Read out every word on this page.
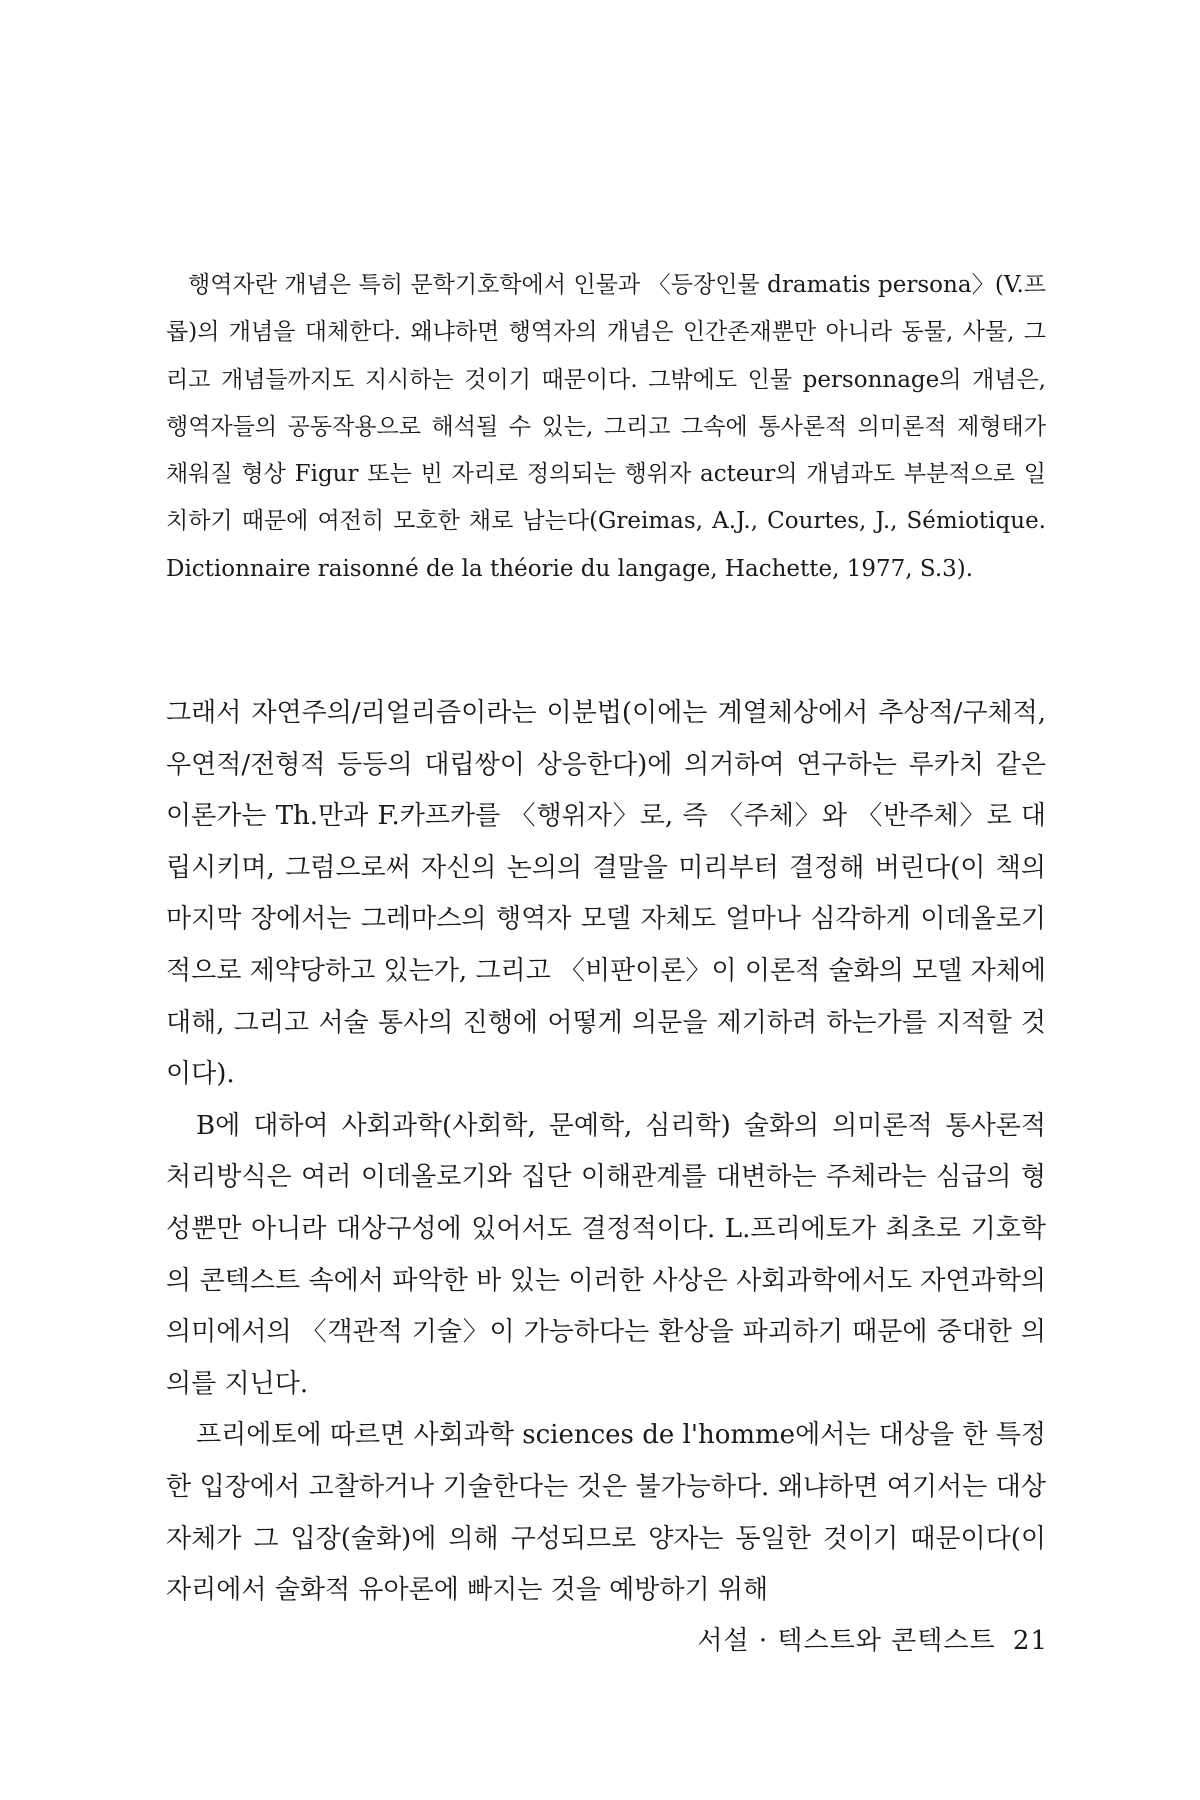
행역자란 개념은 특히 문학기호학에서 인물과 〈등장인물 dramatis persona〉(V.프롭)의 개념을 대체한다. 왜냐하면 행역자의 개념은 인간존재뿐만 아니라 동물, 사물, 그리고 개념들까지도 지시하는 것이기 때문이다. 그밖에도 인물 personnage의 개념은, 행역자들의 공동작용으로 해석될 수 있는, 그리고 그속에 통사론적 의미론적 제형태가 채워질 형상 Figur 또는 빈 자리로 정의되는 행위자 acteur의 개념과도 부분적으로 일치하기 때문에 여전히 모호한 채로 남는다(Greimas, A.J., Courtes, J., Sémiotique. Dictionnaire raisonné de la théorie du langage, Hachette, 1977, S.3).

그래서 자연주의/리얼리즘이라는 이분법(이에는 계열체상에서 추상적/구체적, 우연적/전형적 등등의 대립쌍이 상응한다)에 의거하여 연구하는 루카치 같은 이론가는 Th.만과 F.카프카를 〈행위자〉로, 즉 〈주체〉와 〈반주체〉로 대립시키며, 그럼으로써 자신의 논의의 결말을 미리부터 결정해 버린다(이 책의 마지막 장에서는 그레마스의 행역자 모델 자체도 얼마나 심각하게 이데올로기적으로 제약당하고 있는가, 그리고 〈비판이론〉이 이론적 술화의 모델 자체에 대해, 그리고 서술 통사의 진행에 어떻게 의문을 제기하려 하는가를 지적할 것이다).

B에 대하여 사회과학(사회학, 문예학, 심리학) 술화의 의미론적 통사론적 처리방식은 여러 이데올로기와 집단 이해관계를 대변하는 주체라는 심급의 형성뿐만 아니라 대상구성에 있어서도 결정적이다. L.프리에토가 최초로 기호학의 콘텍스트 속에서 파악한 바 있는 이러한 사상은 사회과학에서도 자연과학의 의미에서의 〈객관적 기술〉이 가능하다는 환상을 파괴하기 때문에 중대한 의의를 지닌다.

프리에토에 따르면 사회과학 sciences de l'homme에서는 대상을 한 특정한 입장에서 고찰하거나 기술한다는 것은 불가능하다. 왜냐하면 여기서는 대상 자체가 그 입장(술화)에 의해 구성되므로 양자는 동일한 것이기 때문이다(이 자리에서 술화적 유아론에 빠지는 것을 예방하기 위해

서설 · 텍스트와 콘텍스트 21
